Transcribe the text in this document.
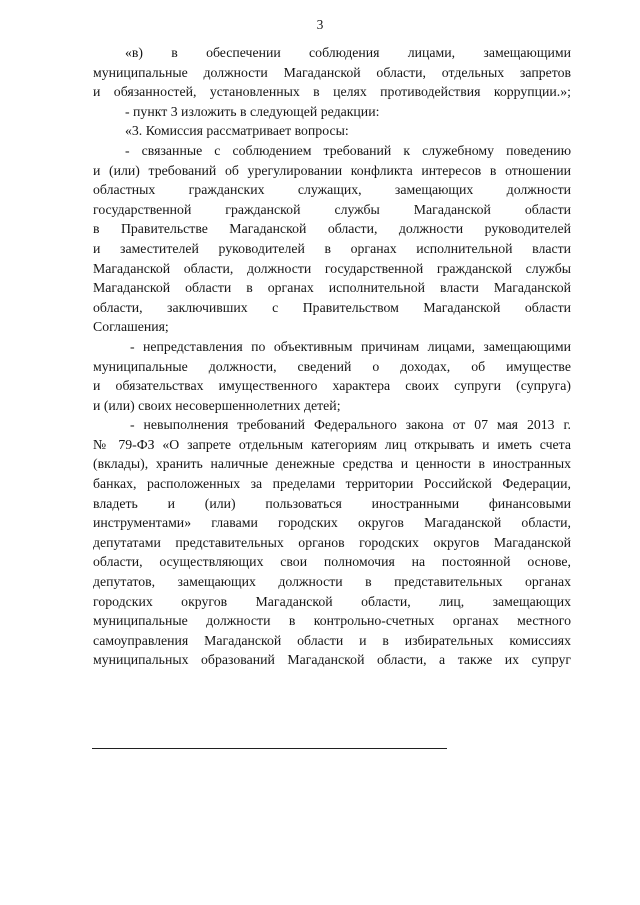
3
«в) в обеспечении соблюдения лицами, замещающими
муниципальные должности Магаданской области, отдельных запретов
и обязанностей, установленных в целях противодействия коррупции.»;
- пункт 3 изложить в следующей редакции:
«3. Комиссия рассматривает вопросы:
- связанные с соблюдением требований к служебному поведению
и (или) требований об урегулировании конфликта интересов в отношении
областных гражданских служащих, замещающих должности
государственной гражданской службы Магаданской области
в Правительстве Магаданской области, должности руководителей
и заместителей руководителей в органах исполнительной власти
Магаданской области, должности государственной гражданской службы
Магаданской области в органах исполнительной власти Магаданской
области, заключивших с Правительством Магаданской области
Соглашения;
- непредставления по объективным причинам лицами, замещающими
муниципальные должности, сведений о доходах, об имуществе
и обязательствах имущественного характера своих супруги (супруга)
и (или) своих несовершеннолетних детей;
- невыполнения требований Федерального закона от 07 мая 2013 г.
№ 79-ФЗ «О запрете отдельным категориям лиц открывать и иметь счета
(вклады), хранить наличные денежные средства и ценности в иностранных
банках, расположенных за пределами территории Российской Федерации,
владеть и (или) пользоваться иностранными финансовыми
инструментами» главами городских округов Магаданской области,
депутатами представительных органов городских округов Магаданской
области, осуществляющих свои полномочия на постоянной основе,
депутатов, замещающих должности в представительных органах
городских округов Магаданской области, лиц, замещающих
муниципальные должности в контрольно-счетных органах местного
самоуправления Магаданской области и в избирательных комиссиях
муниципальных образований Магаданской области, а также их супруг
